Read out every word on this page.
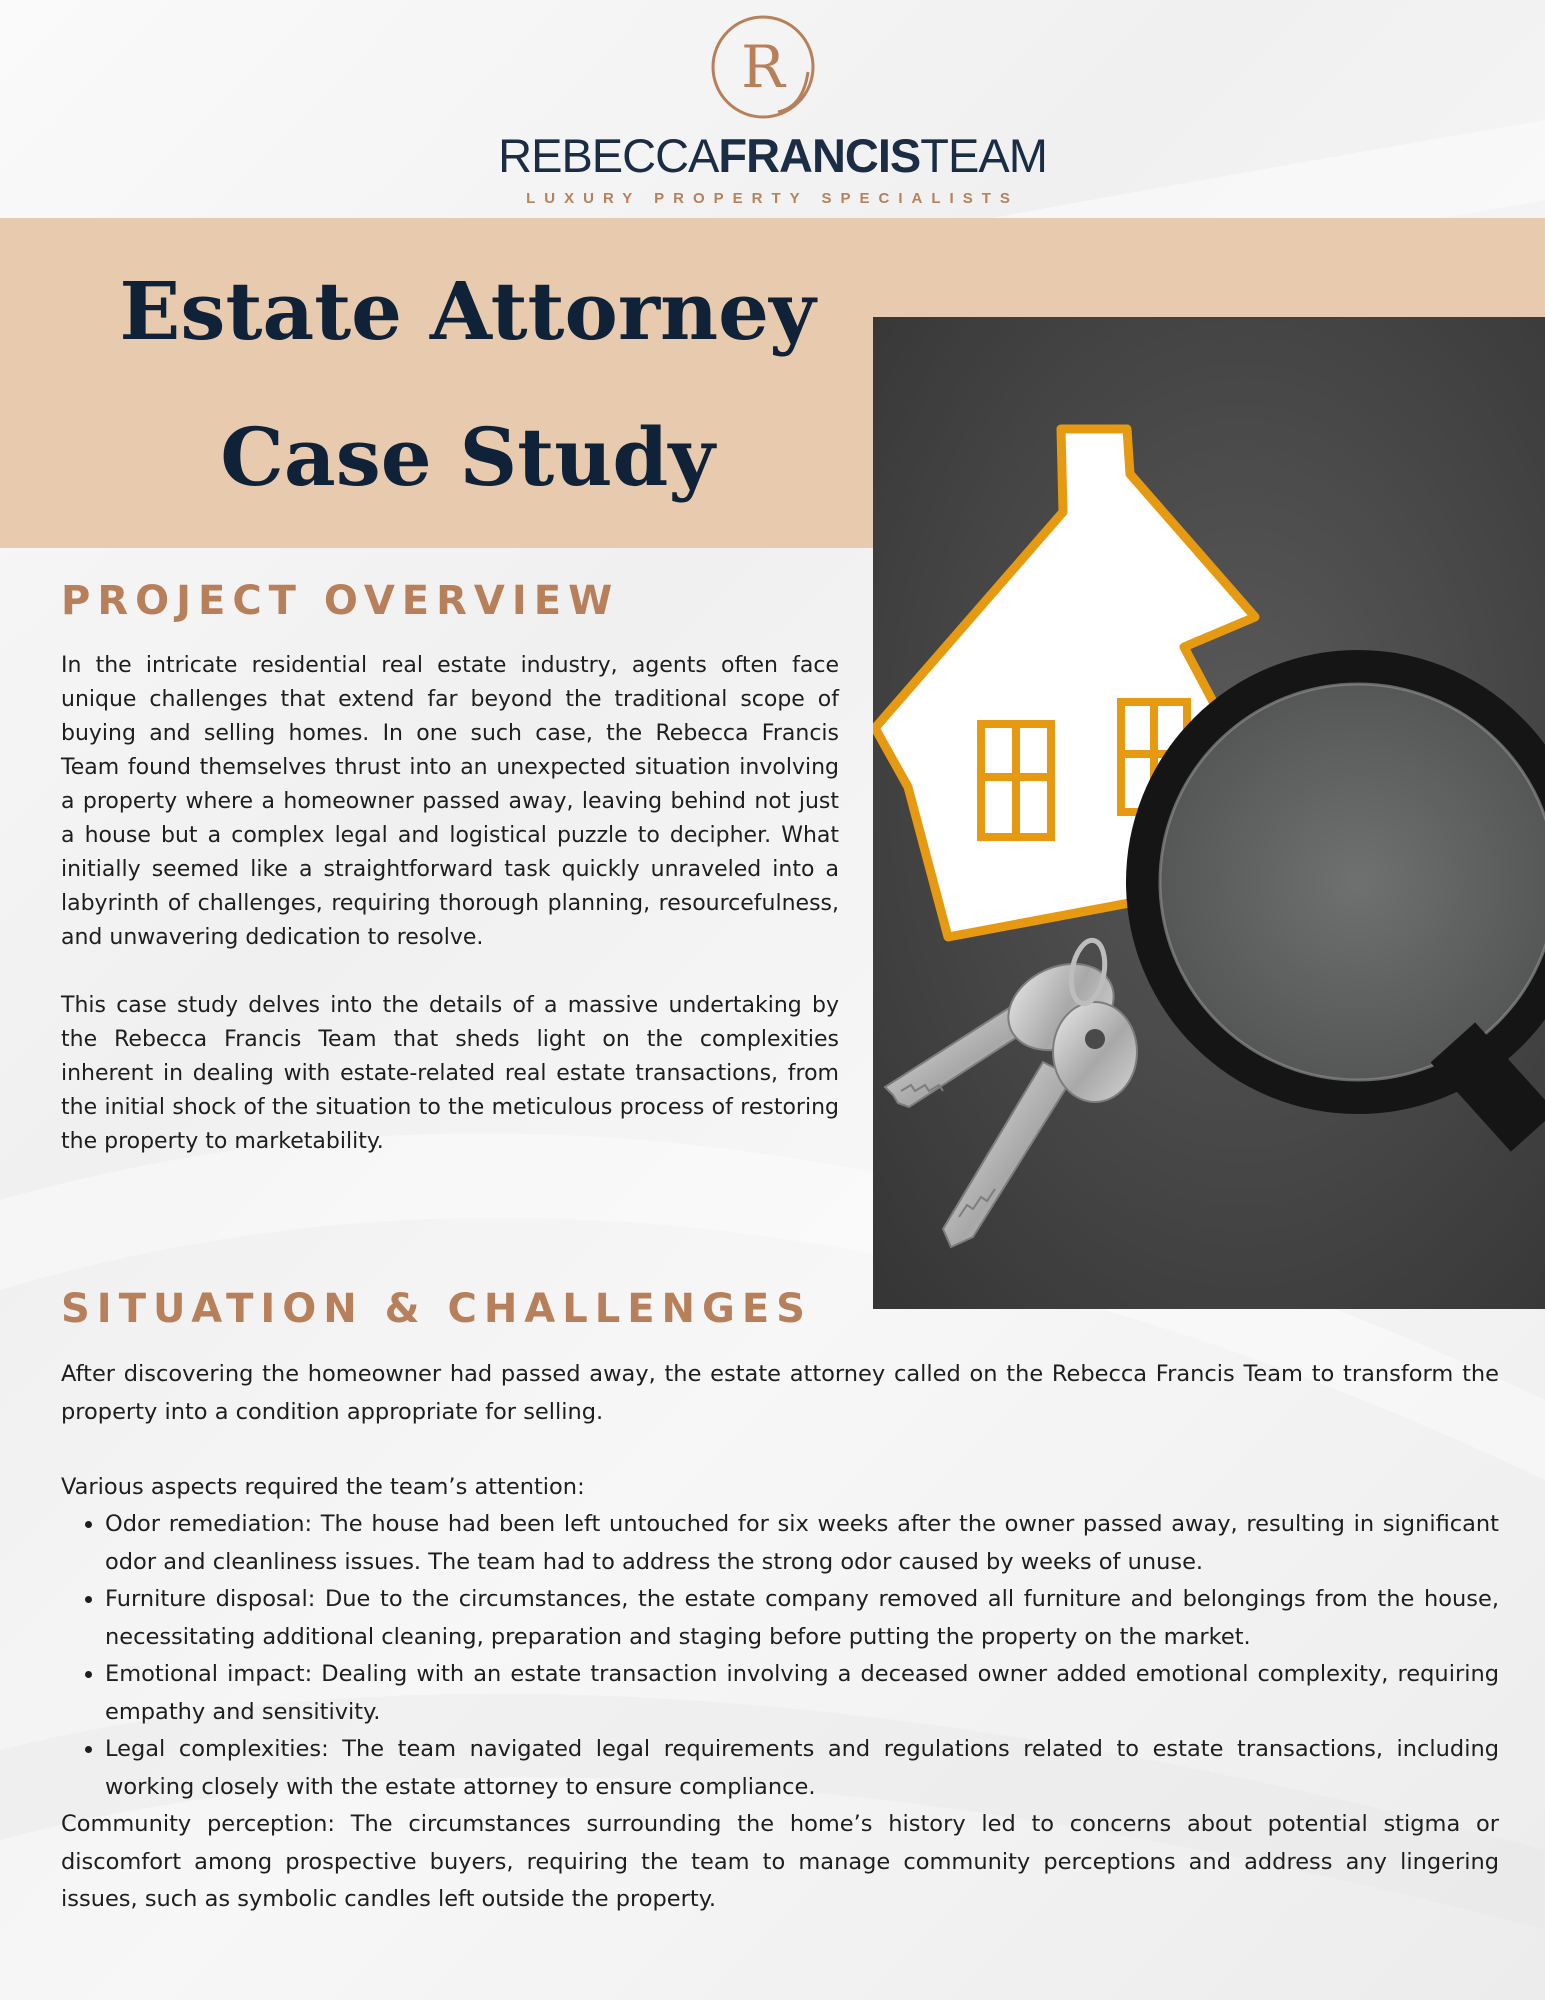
R
REBECCAFRANCISTEAM
LUXURY PROPERTY SPECIALISTS
Estate Attorney
Case Study
PROJECT OVERVIEW

In the intricate residential real estate industry, agents often face unique challenges that extend far beyond the traditional scope of buying and selling homes. In one such case, the Rebecca Francis Team found themselves thrust into an unexpected situation involving a property where a homeowner passed away, leaving behind not just a house but a complex legal and logistical puzzle to decipher. What initially seemed like a straightforward task quickly unraveled into a labyrinth of challenges, requiring thorough planning, resourcefulness, and unwavering dedication to resolve.

This case study delves into the details of a massive undertaking by the Rebecca Francis Team that sheds light on the complexities inherent in dealing with estate-related real estate transactions, from the initial shock of the situation to the meticulous process of restoring the property to marketability.

SITUATION & CHALLENGES

After discovering the homeowner had passed away, the estate attorney called on the Rebecca Francis Team to transform the property into a condition appropriate for selling.

Various aspects required the team’s attention:

• Odor remediation: The house had been left untouched for six weeks after the owner passed away, resulting in significant odor and cleanliness issues. The team had to address the strong odor caused by weeks of unuse.
• Furniture disposal: Due to the circumstances, the estate company removed all furniture and belongings from the house, necessitating additional cleaning, preparation and staging before putting the property on the market.
• Emotional impact: Dealing with an estate transaction involving a deceased owner added emotional complexity, requiring empathy and sensitivity.
• Legal complexities: The team navigated legal requirements and regulations related to estate transactions, including working closely with the estate attorney to ensure compliance.

Community perception: The circumstances surrounding the home’s history led to concerns about potential stigma or discomfort among prospective buyers, requiring the team to manage community perceptions and address any lingering issues, such as symbolic candles left outside the property.
